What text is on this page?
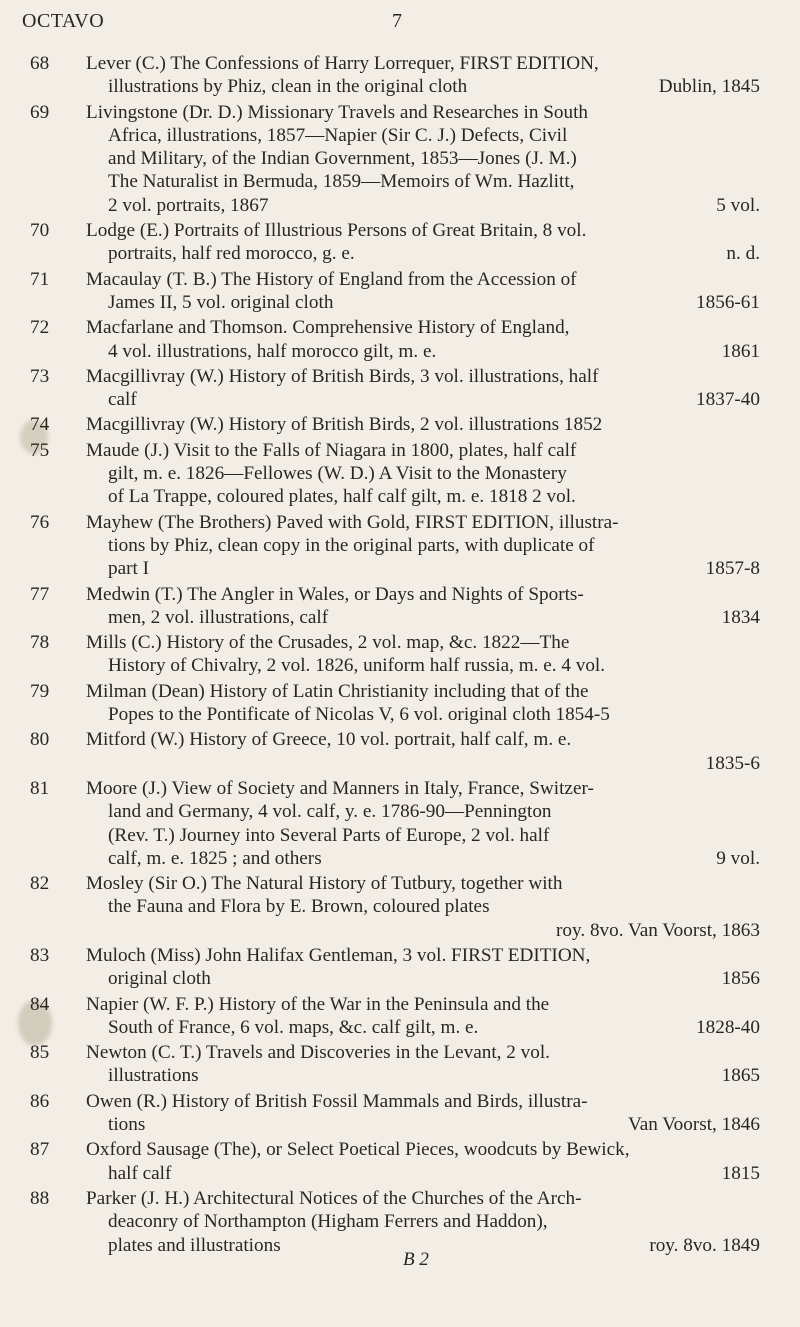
OCTAVO	7
68	Lever (C.) The Confessions of Harry Lorrequer, FIRST EDITION,
illustrations by Phiz, clean in the original cloth	Dublin, 1845
69	Livingstone (Dr. D.) Missionary Travels and Researches in South
Africa, illustrations, 1857—Napier (Sir C. J.) Defects, Civil
and Military, of the Indian Government, 1853—Jones (J. M.)
The Naturalist in Bermuda, 1859—Memoirs of Wm. Hazlitt,
2 vol. portraits, 1867	5 vol.
70	Lodge (E.) Portraits of Illustrious Persons of Great Britain, 8 vol.
portraits, half red morocco, g. e.	n. d.
71	Macaulay (T. B.) The History of England from the Accession of
James II, 5 vol. original cloth	1856-61
72	Macfarlane and Thomson. Comprehensive History of England,
4 vol. illustrations, half morocco gilt, m. e.	1861
73	Macgillivray (W.) History of British Birds, 3 vol. illustrations, half
calf	1837-40
74	Macgillivray (W.) History of British Birds, 2 vol. illustrations 1852
75	Maude (J.) Visit to the Falls of Niagara in 1800, plates, half calf
gilt, m. e. 1826—Fellowes (W. D.) A Visit to the Monastery
of La Trappe, coloured plates, half calf gilt, m. e. 1818 2 vol.
76	Mayhew (The Brothers) Paved with Gold, FIRST EDITION, illustra-
tions by Phiz, clean copy in the original parts, with duplicate of
part I	1857-8
77	Medwin (T.) The Angler in Wales, or Days and Nights of Sports-
men, 2 vol. illustrations, calf	1834
78	Mills (C.) History of the Crusades, 2 vol. map, &c. 1822—The
History of Chivalry, 2 vol. 1826, uniform half russia, m. e. 4 vol.
79	Milman (Dean) History of Latin Christianity including that of the
Popes to the Pontificate of Nicolas V, 6 vol. original cloth 1854-5
80	Mitford (W.) History of Greece, 10 vol. portrait, half calf, m. e.
1835-6
81	Moore (J.) View of Society and Manners in Italy, France, Switzer-
land and Germany, 4 vol. calf, y. e. 1786-90—Pennington
(Rev. T.) Journey into Several Parts of Europe, 2 vol. half
calf, m. e. 1825 ; and others	9 vol.
82	Mosley (Sir O.) The Natural History of Tutbury, together with
the Fauna and Flora by E. Brown, coloured plates
roy. 8vo. Van Voorst, 1863
83	Muloch (Miss) John Halifax Gentleman, 3 vol. FIRST EDITION,
original cloth	1856
84	Napier (W. F. P.) History of the War in the Peninsula and the
South of France, 6 vol. maps, &c. calf gilt, m. e.	1828-40
85	Newton (C. T.) Travels and Discoveries in the Levant, 2 vol.
illustrations	1865
86	Owen (R.) History of British Fossil Mammals and Birds, illustra-
tions	Van Voorst, 1846
87	Oxford Sausage (The), or Select Poetical Pieces, woodcuts by Bewick,
half calf	1815
88	Parker (J. H.) Architectural Notices of the Churches of the Arch-
deaconry of Northampton (Higham Ferrers and Haddon),
plates and illustrations	roy. 8vo. 1849
B 2
